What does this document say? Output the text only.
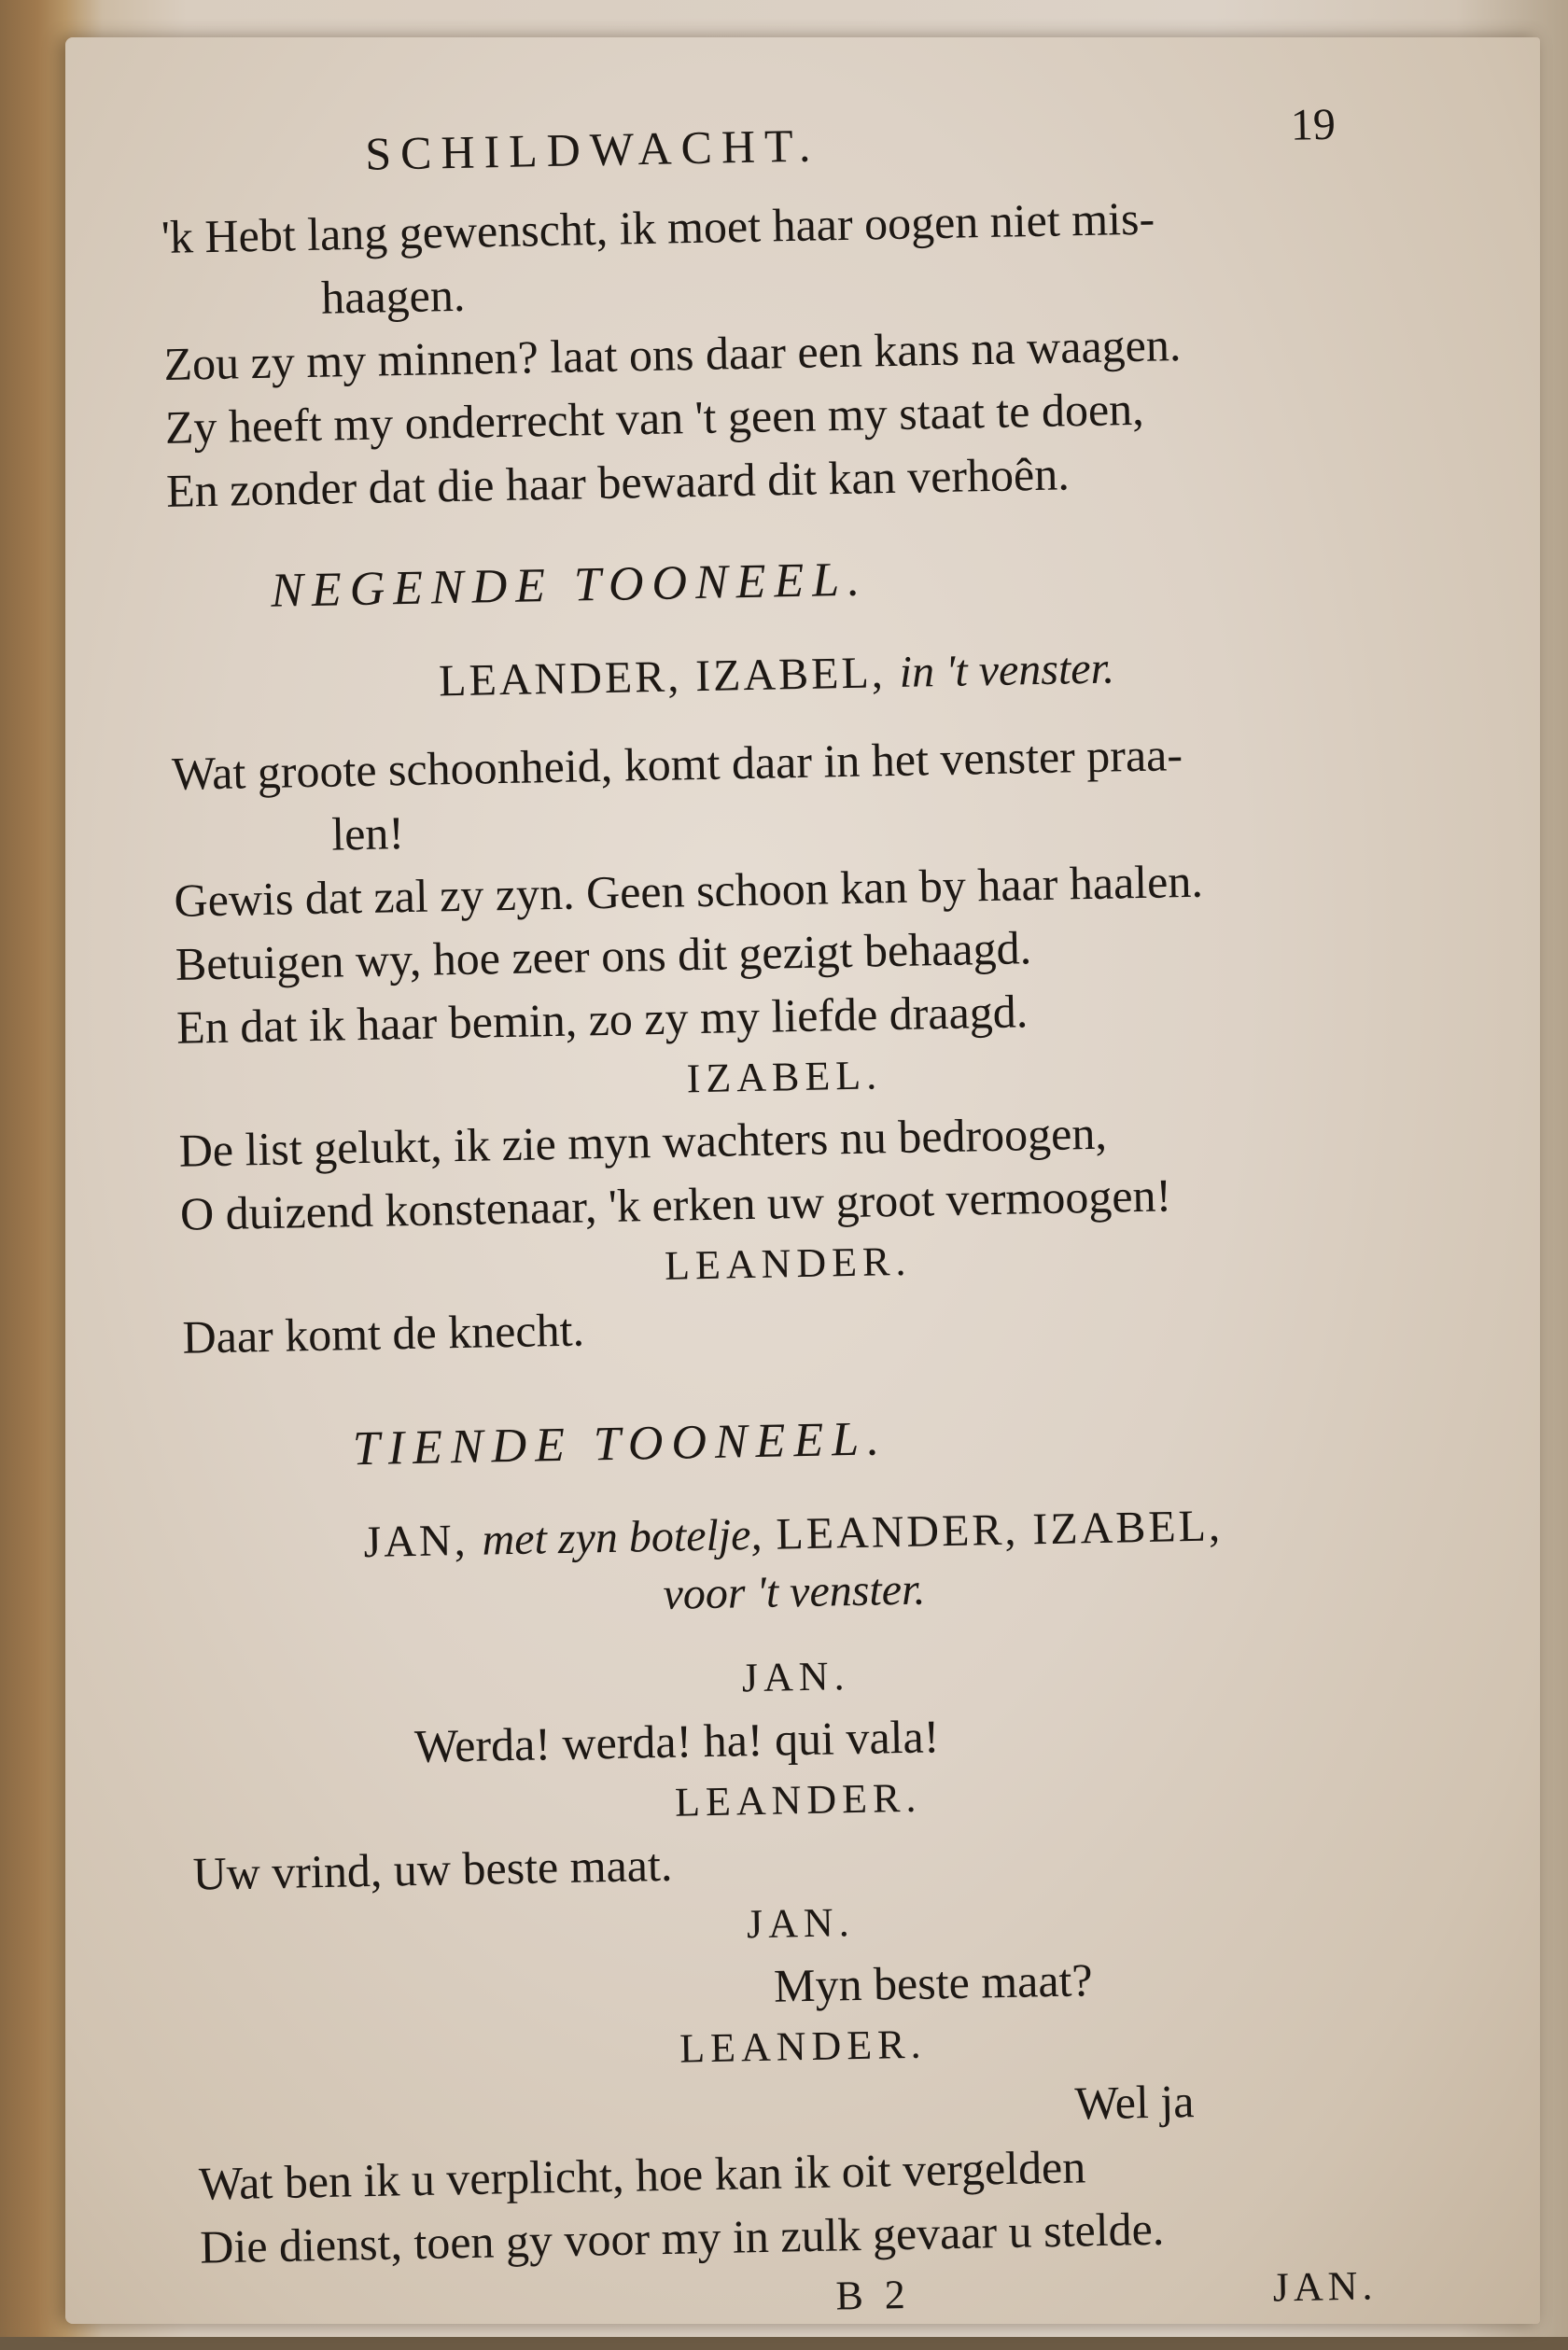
SCHILDWACHT.	19
'k Hebt lang gewenscht, ik moet haar oogen niet mis-
haagen.
Zou zy my minnen? laat ons daar een kans na waagen.
Zy heeft my onderrecht van 't geen my staat te doen,
En zonder dat die haar bewaard dit kan verhoên.
NEGENDE TOONEEL.
LEANDER, IZABEL, in 't venster.
Wat groote schoonheid, komt daar in het venster praa-
len!
Gewis dat zal zy zyn. Geen schoon kan by haar haalen.
Betuigen wy, hoe zeer ons dit gezigt behaagd.
En dat ik haar bemin, zo zy my liefde draagd.
IZABEL.
De list gelukt, ik zie myn wachters nu bedroogen,
O duizend konstenaar, 'k erken uw groot vermoogen!
LEANDER.
Daar komt de knecht.
TIENDE TOONEEL.
JAN, met zyn botelje, LEANDER, IZABEL,
voor 't venster.
JAN.
Werda! werda! ha! qui vala!
LEANDER.
Uw vrind, uw beste maat.
JAN.
Myn beste maat?
LEANDER.
Wel ja
Wat ben ik u verplicht, hoe kan ik oit vergelden
Die dienst, toen gy voor my in zulk gevaar u stelde.
B 2	JAN.
